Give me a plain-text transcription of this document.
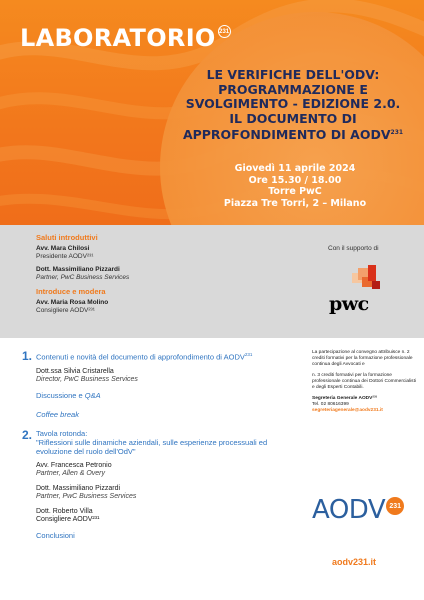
LABORATORIO 231
LE VERIFICHE DELL'ODV:
PROGRAMMAZIONE E
SVOLGIMENTO - EDIZIONE 2.0.
IL DOCUMENTO DI
APPROFONDIMENTO DI AODV$^{231}$
Giovedì 11 aprile 2024
Ore 15.30 / 18.00
Torre PwC
Piazza Tre Torri, 2 – Milano
Saluti introduttivi
Avv. Mara Chilosi
Presidente AODV²³¹
Dott. Massimiliano Pizzardi
Partner, PwC Business Services
Introduce e modera
Avv. Maria Rosa Molino
Consigliere AODV²³¹
Con il supporto di
pwc
1. Contenuti e novità del documento di approfondimento di AODV$^{231}$
Dott.ssa Silvia Cristarella
Director, PwC Business Services
Discussione e Q&A
Coffee break
2. Tavola rotonda:
"Riflessioni sulle dinamiche aziendali, sulle esperienze processuali ed evoluzione del ruolo dell'OdV"
Avv. Francesca Petronio
Partner, Allen & Overy
Dott. Massimiliano Pizzardi
Partner, PwC Business Services
Dott. Roberto Villa
Consigliere AODV²³¹
Conclusioni

La partecipazione al convegno attribuisce n. 2 crediti formativi per la formazione professionale continua degli Avvocati e

n. 3 crediti formativi per la formazione professionale continua dei Dottori Commercialisti e degli Esperti Contabili.

Segreteria Generale AODV²³¹
Tel. 02 80616399
segreteriagenerale@aodv231.it
AODV 231
aodv231.it
